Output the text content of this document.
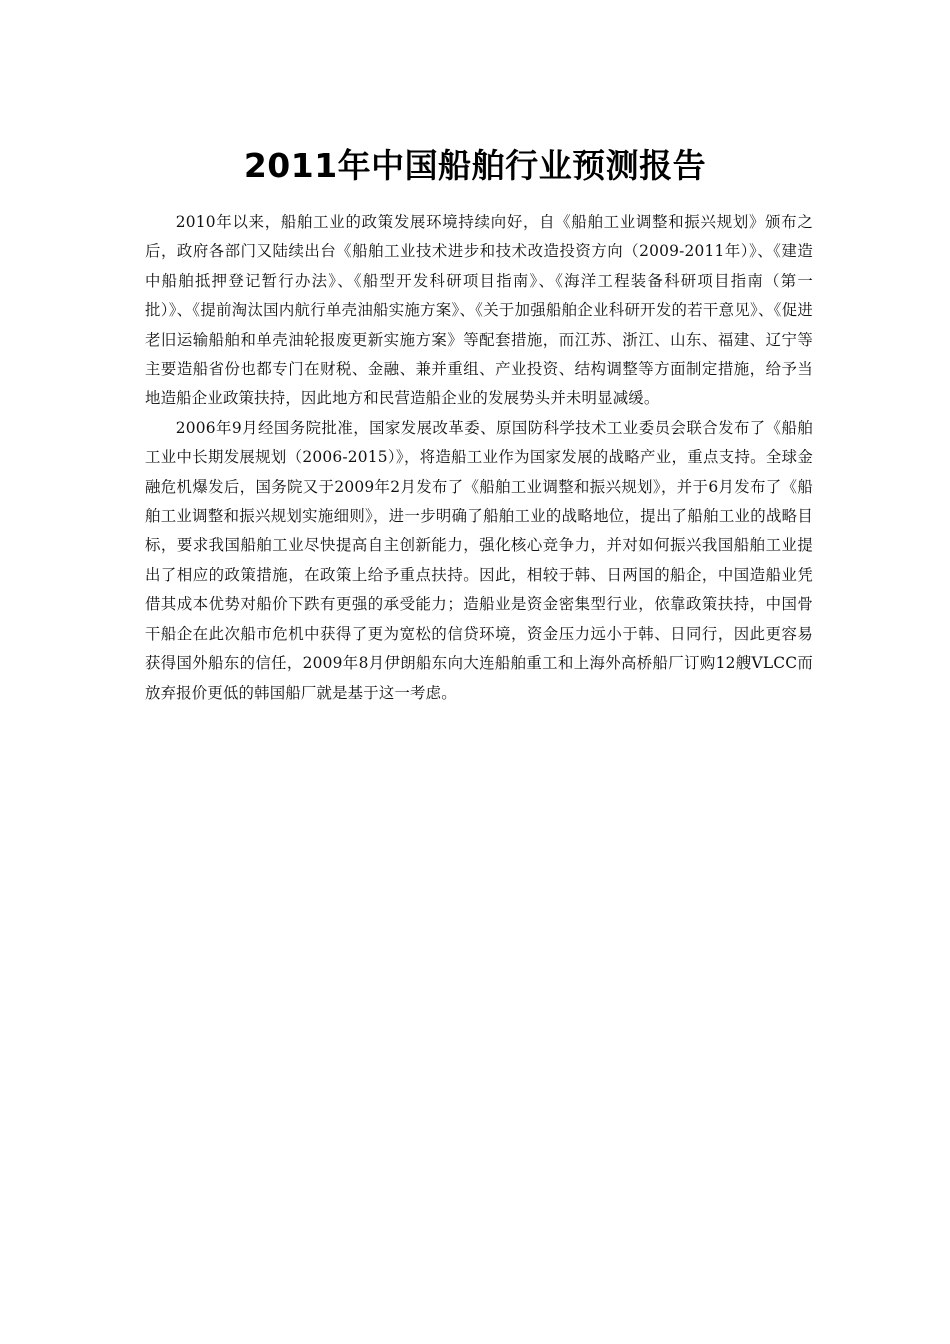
2011年中国船舶行业预测报告

2010年以来，船舶工业的政策发展环境持续向好，自《船舶工业调整和振兴规划》颁布之后，政府各部门又陆续出台《船舶工业技术进步和技术改造投资方向（2009-2011年）》、《建造中船舶抵押登记暂行办法》、《船型开发科研项目指南》、《海洋工程装备科研项目指南（第一批）》、《提前淘汰国内航行单壳油船实施方案》、《关于加强船舶企业科研开发的若干意见》、《促进老旧运输船舶和单壳油轮报废更新实施方案》等配套措施，而江苏、浙江、山东、福建、辽宁等主要造船省份也都专门在财税、金融、兼并重组、产业投资、结构调整等方面制定措施，给予当地造船企业政策扶持，因此地方和民营造船企业的发展势头并未明显减缓。

2006年9月经国务院批准，国家发展改革委、原国防科学技术工业委员会联合发布了《船舶工业中长期发展规划（2006-2015）》，将造船工业作为国家发展的战略产业，重点支持。全球金融危机爆发后，国务院又于2009年2月发布了《船舶工业调整和振兴规划》，并于6月发布了《船舶工业调整和振兴规划实施细则》，进一步明确了船舶工业的战略地位，提出了船舶工业的战略目标，要求我国船舶工业尽快提高自主创新能力，强化核心竞争力，并对如何振兴我国船舶工业提出了相应的政策措施，在政策上给予重点扶持。因此，相较于韩、日两国的船企，中国造船业凭借其成本优势对船价下跌有更强的承受能力；造船业是资金密集型行业，依靠政策扶持，中国骨干船企在此次船市危机中获得了更为宽松的信贷环境，资金压力远小于韩、日同行，因此更容易获得国外船东的信任，2009年8月伊朗船东向大连船舶重工和上海外高桥船厂订购12艘VLCC而放弃报价更低的韩国船厂就是基于这一考虑。
